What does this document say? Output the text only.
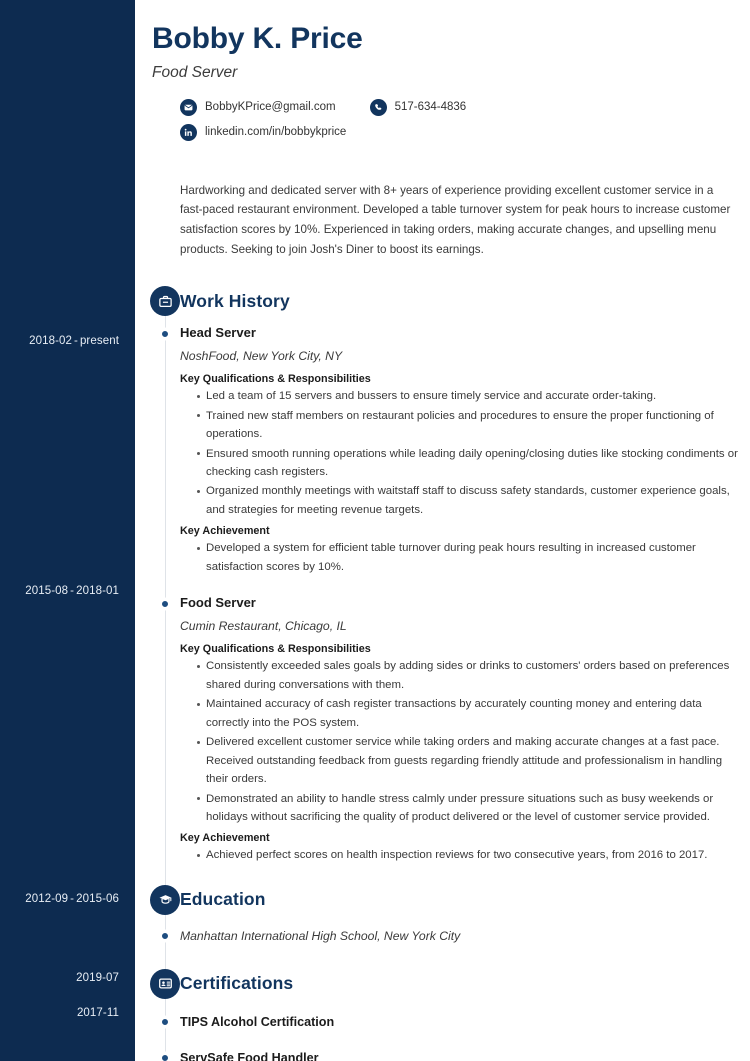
2018-02 - present
2015-08 - 2018-01
2012-09 - 2015-06
2019-07
2017-11
Bobby K. Price
Food Server
BobbyKPrice@gmail.com	517-634-4836
linkedin.com/in/bobbykprice
Hardworking and dedicated server with 8+ years of experience providing excellent customer service in a fast-paced restaurant environment. Developed a table turnover system for peak hours to increase customer satisfaction scores by 10%. Experienced in taking orders, making accurate changes, and upselling menu products. Seeking to join Josh's Diner to boost its earnings.
Work History
Head Server
NoshFood, New York City, NY
Key Qualifications & Responsibilities
Led a team of 15 servers and bussers to ensure timely service and accurate order-taking.
Trained new staff members on restaurant policies and procedures to ensure the proper functioning of operations.
Ensured smooth running operations while leading daily opening/closing duties like stocking condiments or checking cash registers.
Organized monthly meetings with waitstaff staff to discuss safety standards, customer experience goals, and strategies for meeting revenue targets.
Key Achievement
Developed a system for efficient table turnover during peak hours resulting in increased customer satisfaction scores by 10%.
Food Server
Cumin Restaurant, Chicago, IL
Key Qualifications & Responsibilities
Consistently exceeded sales goals by adding sides or drinks to customers' orders based on preferences shared during conversations with them.
Maintained accuracy of cash register transactions by accurately counting money and entering data correctly into the POS system.
Delivered excellent customer service while taking orders and making accurate changes at a fast pace. Received outstanding feedback from guests regarding friendly attitude and professionalism in handling their orders.
Demonstrated an ability to handle stress calmly under pressure situations such as busy weekends or holidays without sacrificing the quality of product delivered or the level of customer service provided.
Key Achievement
Achieved perfect scores on health inspection reviews for two consecutive years, from 2016 to 2017.
Education
Manhattan International High School, New York City
Certifications
TIPS Alcohol Certification
ServSafe Food Handler
